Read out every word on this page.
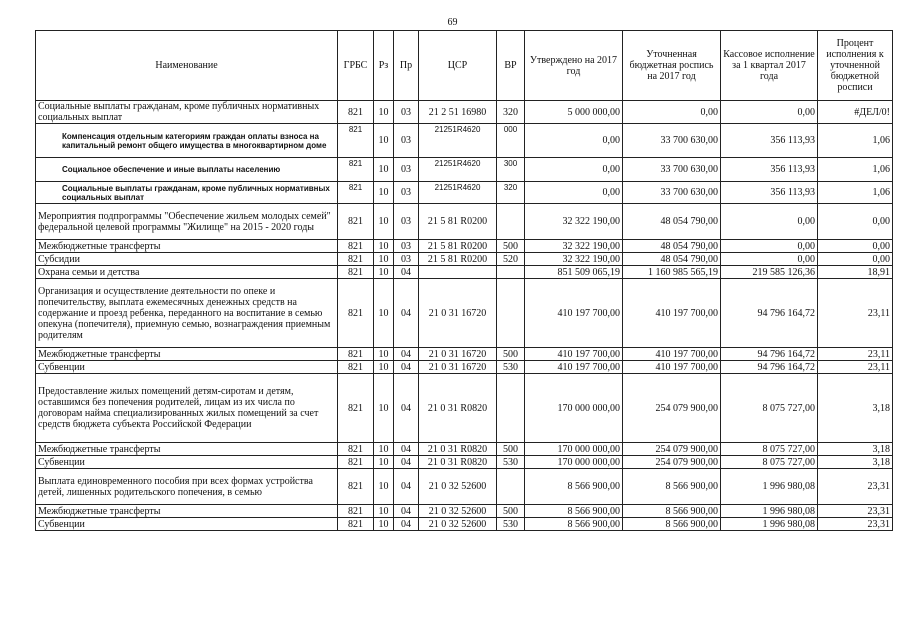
69
Наименование	ГРБС	Рз	Пр	ЦСР	ВР	Утверждено на 2017 год	Уточненная бюджетная роспись на 2017 год	Кассовое исполнение за 1 квартал 2017 года	Процент исполнения к уточненной бюджетной росписи
Социальные выплаты гражданам, кроме публичных нормативных социальных выплат	821	10	03	21 2 51 16980	320	5 000 000,00	0,00	0,00	#ДЕЛ/0!
Компенсация отдельным категориям граждан оплаты взноса на капитальный ремонт общего имущества в многоквартирном доме	821	10	03	21251R4620	000	0,00	33 700 630,00	356 113,93	1,06
Социальное обеспечение и иные выплаты населению	821	10	03	21251R4620	300	0,00	33 700 630,00	356 113,93	1,06
Социальные выплаты гражданам, кроме публичных нормативных социальных выплат	821	10	03	21251R4620	320	0,00	33 700 630,00	356 113,93	1,06
Мероприятия подпрограммы "Обеспечение жильем молодых семей" федеральной целевой программы "Жилище" на 2015 - 2020 годы	821	10	03	21 5 81 R0200		32 322 190,00	48 054 790,00	0,00	0,00
Межбюджетные трансферты	821	10	03	21 5 81 R0200	500	32 322 190,00	48 054 790,00	0,00	0,00
Субсидии	821	10	03	21 5 81 R0200	520	32 322 190,00	48 054 790,00	0,00	0,00
Охрана семьи и детства	821	10	04			851 509 065,19	1 160 985 565,19	219 585 126,36	18,91
Организация и осуществление деятельности по опеке и попечительству, выплата ежемесячных денежных средств на содержание и проезд ребенка, переданного на воспитание в семью опекуна (попечителя), приемную семью, вознаграждения приемным родителям	821	10	04	21 0 31 16720		410 197 700,00	410 197 700,00	94 796 164,72	23,11
Межбюджетные трансферты	821	10	04	21 0 31 16720	500	410 197 700,00	410 197 700,00	94 796 164,72	23,11
Субвенции	821	10	04	21 0 31 16720	530	410 197 700,00	410 197 700,00	94 796 164,72	23,11
Предоставление жилых помещений детям-сиротам и детям, оставшимся без попечения родителей, лицам из их числа по договорам найма специализированных жилых помещений за счет средств бюджета субъекта Российской Федерации	821	10	04	21 0 31 R0820		170 000 000,00	254 079 900,00	8 075 727,00	3,18
Межбюджетные трансферты	821	10	04	21 0 31 R0820	500	170 000 000,00	254 079 900,00	8 075 727,00	3,18
Субвенции	821	10	04	21 0 31 R0820	530	170 000 000,00	254 079 900,00	8 075 727,00	3,18
Выплата единовременного пособия при всех формах устройства детей, лишенных родительского попечения, в семью	821	10	04	21 0 32 52600		8 566 900,00	8 566 900,00	1 996 980,08	23,31
Межбюджетные трансферты	821	10	04	21 0 32 52600	500	8 566 900,00	8 566 900,00	1 996 980,08	23,31
Субвенции	821	10	04	21 0 32 52600	530	8 566 900,00	8 566 900,00	1 996 980,08	23,31
